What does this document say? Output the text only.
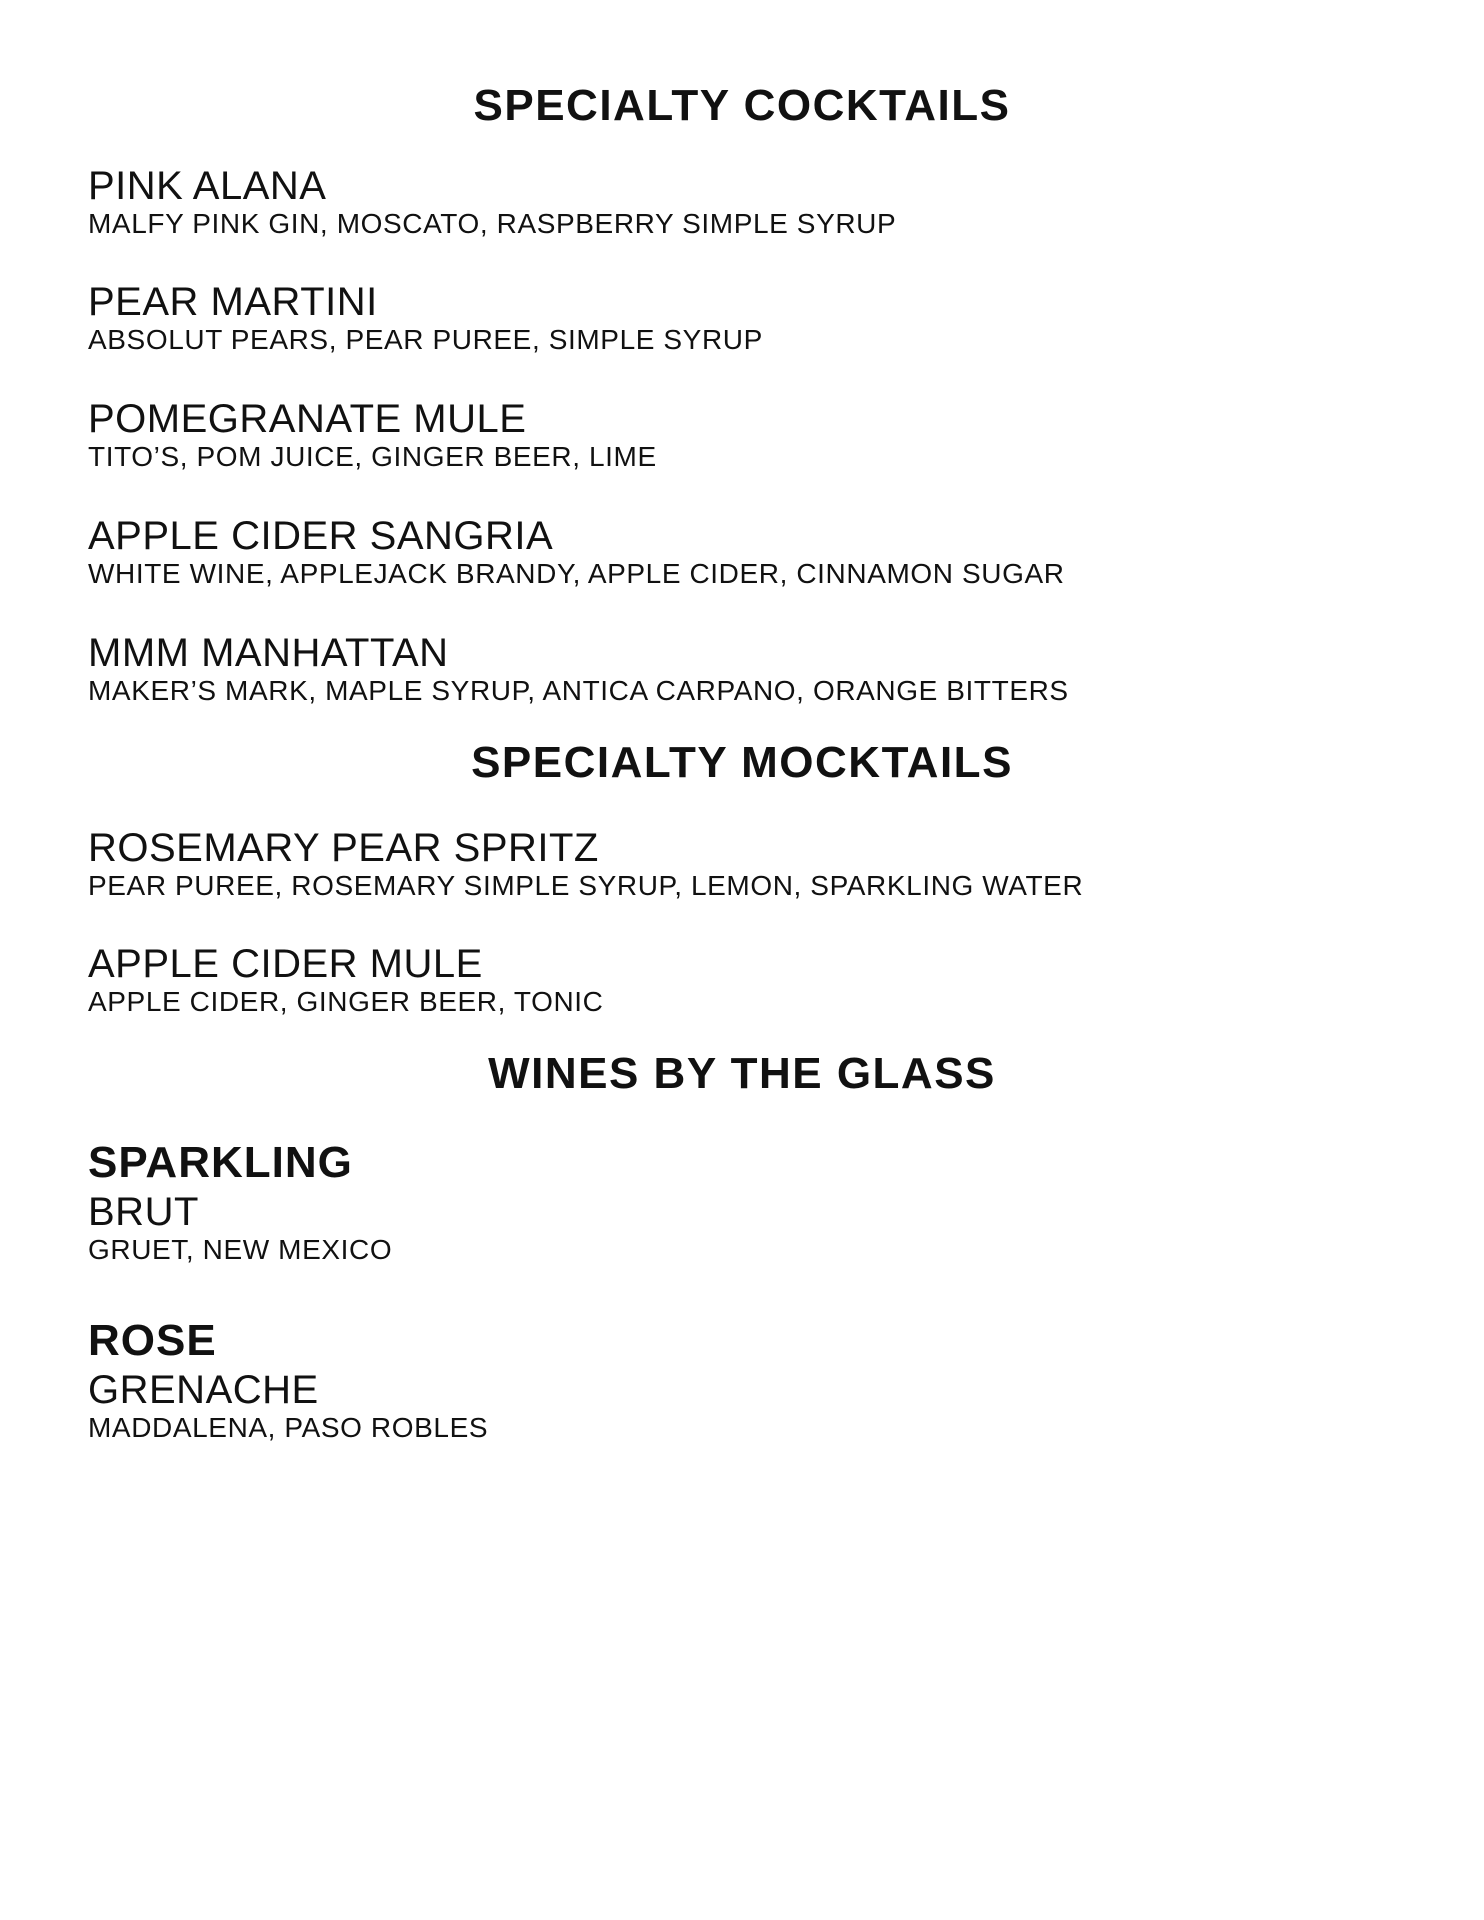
SPECIALTY COCKTAILS
PINK ALANA
MALFY PINK GIN, MOSCATO, RASPBERRY SIMPLE SYRUP
PEAR MARTINI
ABSOLUT PEARS, PEAR PUREE, SIMPLE SYRUP
POMEGRANATE MULE
TITO’S, POM JUICE, GINGER BEER, LIME
APPLE CIDER SANGRIA
WHITE WINE, APPLEJACK BRANDY, APPLE CIDER, CINNAMON SUGAR
MMM MANHATTAN
MAKER’S MARK, MAPLE SYRUP, ANTICA CARPANO, ORANGE BITTERS
SPECIALTY MOCKTAILS
ROSEMARY PEAR SPRITZ
PEAR PUREE, ROSEMARY SIMPLE SYRUP, LEMON, SPARKLING WATER
APPLE CIDER MULE
APPLE CIDER, GINGER BEER, TONIC
WINES BY THE GLASS
SPARKLING
BRUT
GRUET, NEW MEXICO
ROSE
GRENACHE
MADDALENA, PASO ROBLES
